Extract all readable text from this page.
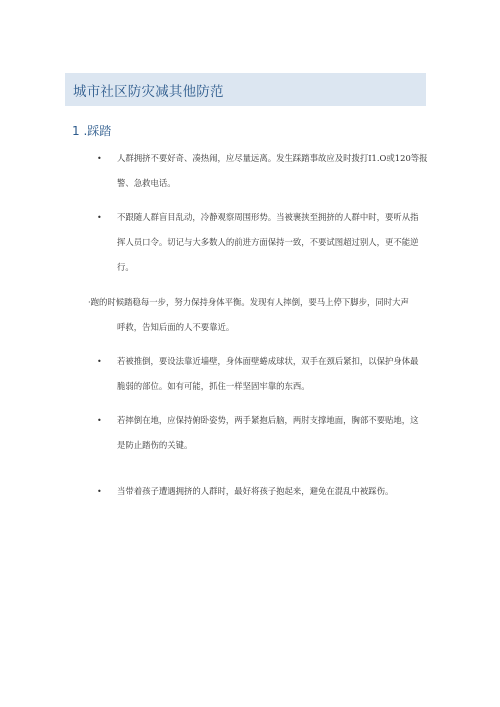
城市社区防灾减其他防范
1 .踩踏
• 人群拥挤不要好奇、凑热闹，应尽量远离。发生踩踏事故应及时拨打I1.O或120等报
警、急救电话。
• 不跟随人群盲目乱动，冷静观察周围形势。当被裹挟至拥挤的人群中时，要听从指
挥人员口令。切记与大多数人的前进方面保持一致，不要试图超过别人，更不能逆
行。
·跑的时候踏稳每一步，努力保持身体平衡。发现有人摔倒，要马上停下脚步，同时大声
呼救，告知后面的人不要靠近。
• 若被推倒，要设法靠近墙壁，身体面壁蜷成球状，双手在颈后紧扣，以保护身体最
脆弱的部位。如有可能，抓住一样坚固牢靠的东西。
• 若摔倒在地，应保持俯卧姿势，两手紧抱后脑，两肘支撑地面，胸部不要贴地，这
是防止踏伤的关键。
• 当带着孩子遭遇拥挤的人群时，最好将孩子抱起来，避免在混乱中被踩伤。
